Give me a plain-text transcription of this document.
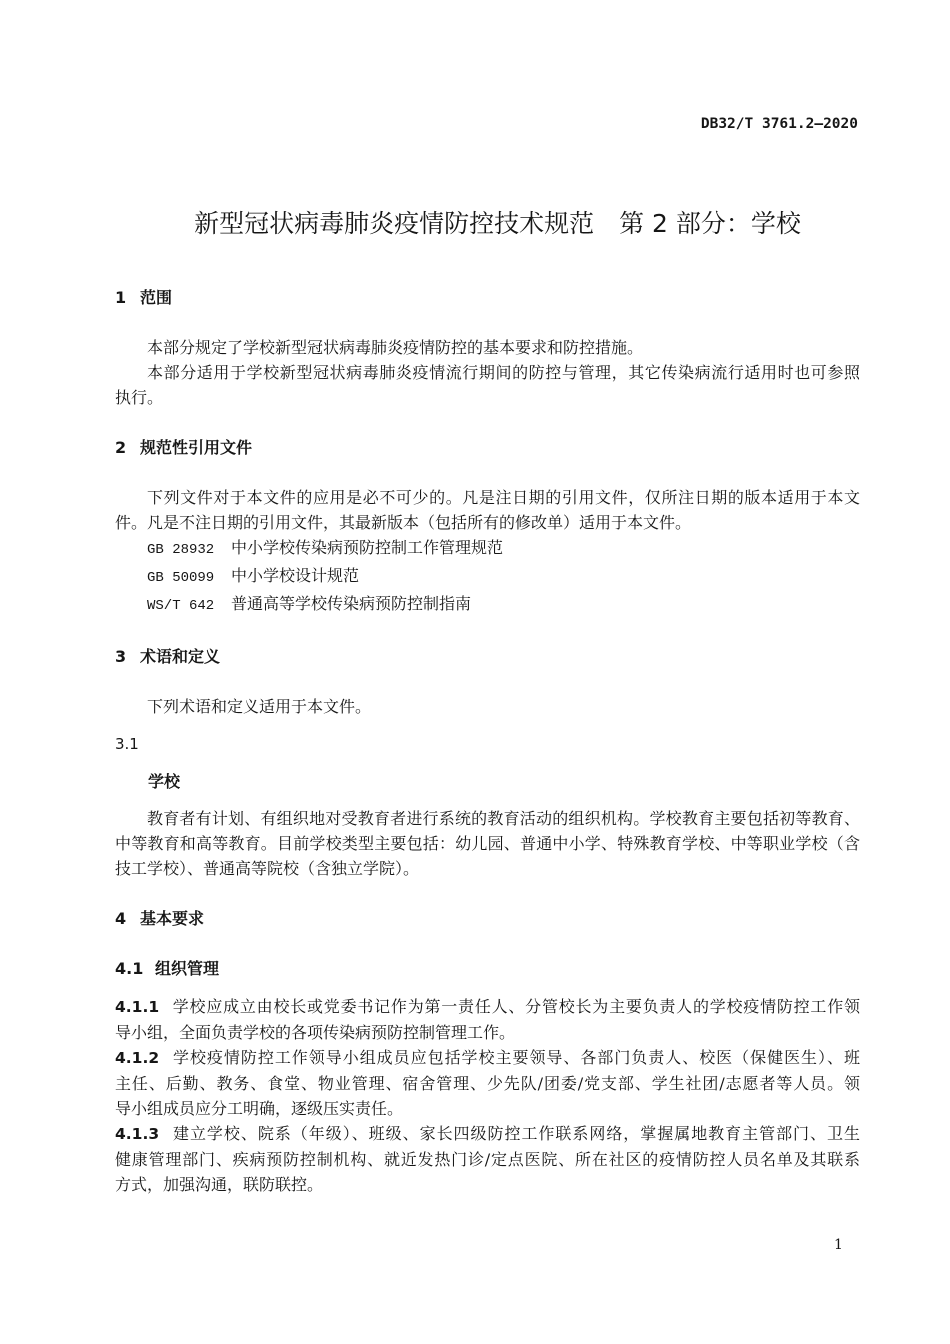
DB32/T 3761.2—2020
新型冠状病毒肺炎疫情防控技术规范　第 2 部分：学校
1 范围
本部分规定了学校新型冠状病毒肺炎疫情防控的基本要求和防控措施。
本部分适用于学校新型冠状病毒肺炎疫情流行期间的防控与管理，其它传染病流行适用时也可参照
执行。
2 规范性引用文件
下列文件对于本文件的应用是必不可少的。凡是注日期的引用文件，仅所注日期的版本适用于本文
件。凡是不注日期的引用文件，其最新版本（包括所有的修改单）适用于本文件。
GB 28932 中小学校传染病预防控制工作管理规范
GB 50099 中小学校设计规范
WS/T 642 普通高等学校传染病预防控制指南
3 术语和定义
下列术语和定义适用于本文件。
3.1
学校
教育者有计划、有组织地对受教育者进行系统的教育活动的组织机构。学校教育主要包括初等教育、
中等教育和高等教育。目前学校类型主要包括：幼儿园、普通中小学、特殊教育学校、中等职业学校（含
技工学校）、普通高等院校（含独立学院）。
4 基本要求
4.1 组织管理
4.1.1 学校应成立由校长或党委书记作为第一责任人、分管校长为主要负责人的学校疫情防控工作领
导小组，全面负责学校的各项传染病预防控制管理工作。
4.1.2 学校疫情防控工作领导小组成员应包括学校主要领导、各部门负责人、校医（保健医生）、班
主任、后勤、教务、食堂、物业管理、宿舍管理、少先队/团委/党支部、学生社团/志愿者等人员。领
导小组成员应分工明确，逐级压实责任。
4.1.3 建立学校、院系（年级）、班级、家长四级防控工作联系网络，掌握属地教育主管部门、卫生
健康管理部门、疾病预防控制机构、就近发热门诊/定点医院、所在社区的疫情防控人员名单及其联系
方式，加强沟通，联防联控。
1
